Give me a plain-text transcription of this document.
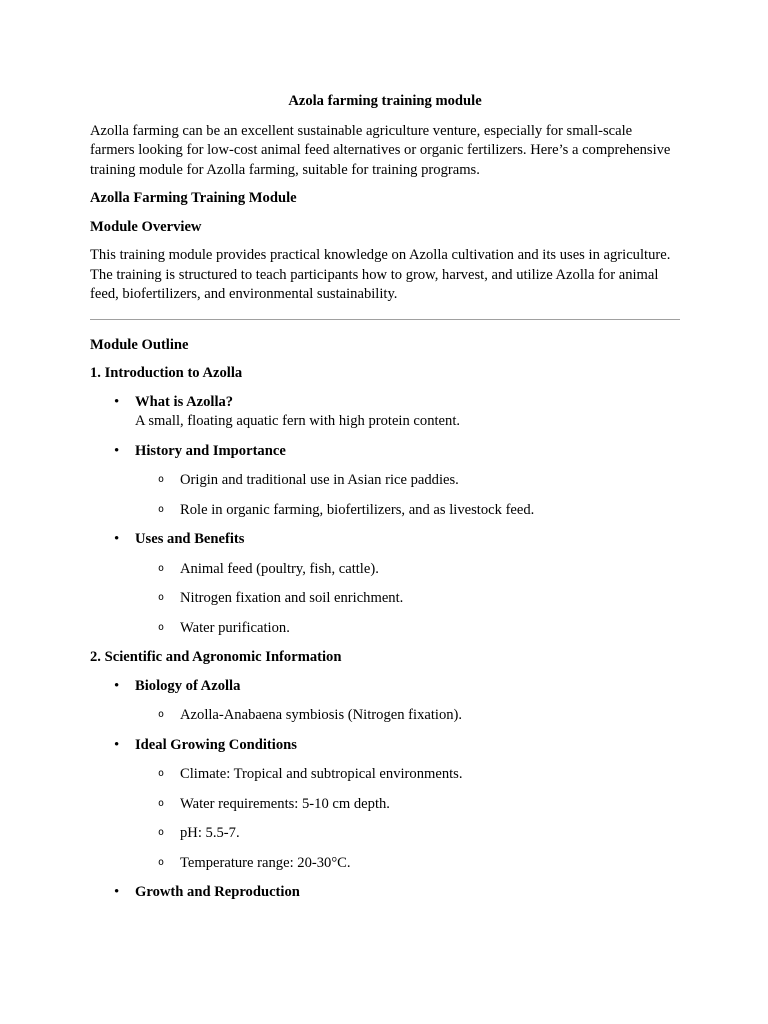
Azola farming training module

Azolla farming can be an excellent sustainable agriculture venture, especially for small-scale farmers looking for low-cost animal feed alternatives or organic fertilizers. Here’s a comprehensive training module for Azolla farming, suitable for training programs.

Azolla Farming Training Module

Module Overview

This training module provides practical knowledge on Azolla cultivation and its uses in agriculture. The training is structured to teach participants how to grow, harvest, and utilize Azolla for animal feed, biofertilizers, and environmental sustainability.

Module Outline

1. Introduction to Azolla

• What is Azolla?
A small, floating aquatic fern with high protein content.
• History and Importance
o Origin and traditional use in Asian rice paddies.
o Role in organic farming, biofertilizers, and as livestock feed.
• Uses and Benefits
o Animal feed (poultry, fish, cattle).
o Nitrogen fixation and soil enrichment.
o Water purification.

2. Scientific and Agronomic Information

• Biology of Azolla
o Azolla-Anabaena symbiosis (Nitrogen fixation).
• Ideal Growing Conditions
o Climate: Tropical and subtropical environments.
o Water requirements: 5-10 cm depth.
o pH: 5.5-7.
o Temperature range: 20-30°C.
• Growth and Reproduction
